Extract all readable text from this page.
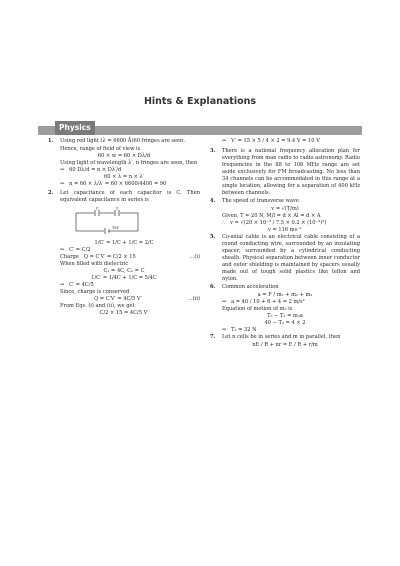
Hints & Explanations
Physics
1.	Using red light (λ = 6600 Å)60 fringes are seen.
Hence, range of field of view is
60 × w = 60 × Dλ/d
Using light of wavelength λ′, n fringes are seen, then
⇒   60 Dλ/d = n × Dλ′/d
60 × λ = n × λ′
⇒   n = 60 × λ/λ′ = 60 × 6600/4400 = 90
2.	Let capacitance of each capacitor is C. Then equivalent capacitance in series is
C	C
15V
1/C′ = 1/C + 1/C = 2/C
⇒   C′ = C/2
Charge   Q = C′V′ = C/2 × 15	...(i)
When filled with dielectric
C₁ = 4C, C₂ = C
1/C′ = 1/4C + 1/C = 5/4C
⇒   C′ = 4C/5
Since, charge is conserved
Q = C′V′ = 4C/5 V′	...(ii)
From Eqs. (i) and (ii), we get
C/2 × 15 = 4C/5 V′
⇒   V′ = 15 × 5 / 4 × 2 = 9.4 V = 10 V
3.	There is a national frequency allocation plan for everything from man radio to radio astronomy. Radio frequencies in the 88 to 108 MHz range are set aside exclusively for FM broadcasting. No less than 34 channels can be accommodated in this range at a single location, allowing for a separation of 400 kHz between channels.
4.	The speed of transverse wave
v = √(T/m)
Given, T = 20 N, M/l = d × Al = d × A
∴   v = √(20 × 10⁻³ / 7.5 × 0.2 × (10⁻³)²)
v = 116 ms⁻¹
5.	Co-axial cable is an electrical cable consisting of a round conducting wire, surrounded by an insulating spacer, surrounded by a cylindrical conducting sheath. Physical separation between inner conductor and outer shielding is maintained by spacers usually made out of tough solid plastics like teflon and nylon.
6.	Common acceleration
a = F / m₁ + m₂ + m₃
⇒   a = 40 / 10 + 6 + 4 = 2 m/s²
Equation of motion of m₃ is
T₃ − T₂ = m₃a
40 − T₂ = 4 × 2
⇒   T₂ = 32 N
7.	Let n cells be in series and m in parallel, then
nE / R + nr = E / R + r/m
